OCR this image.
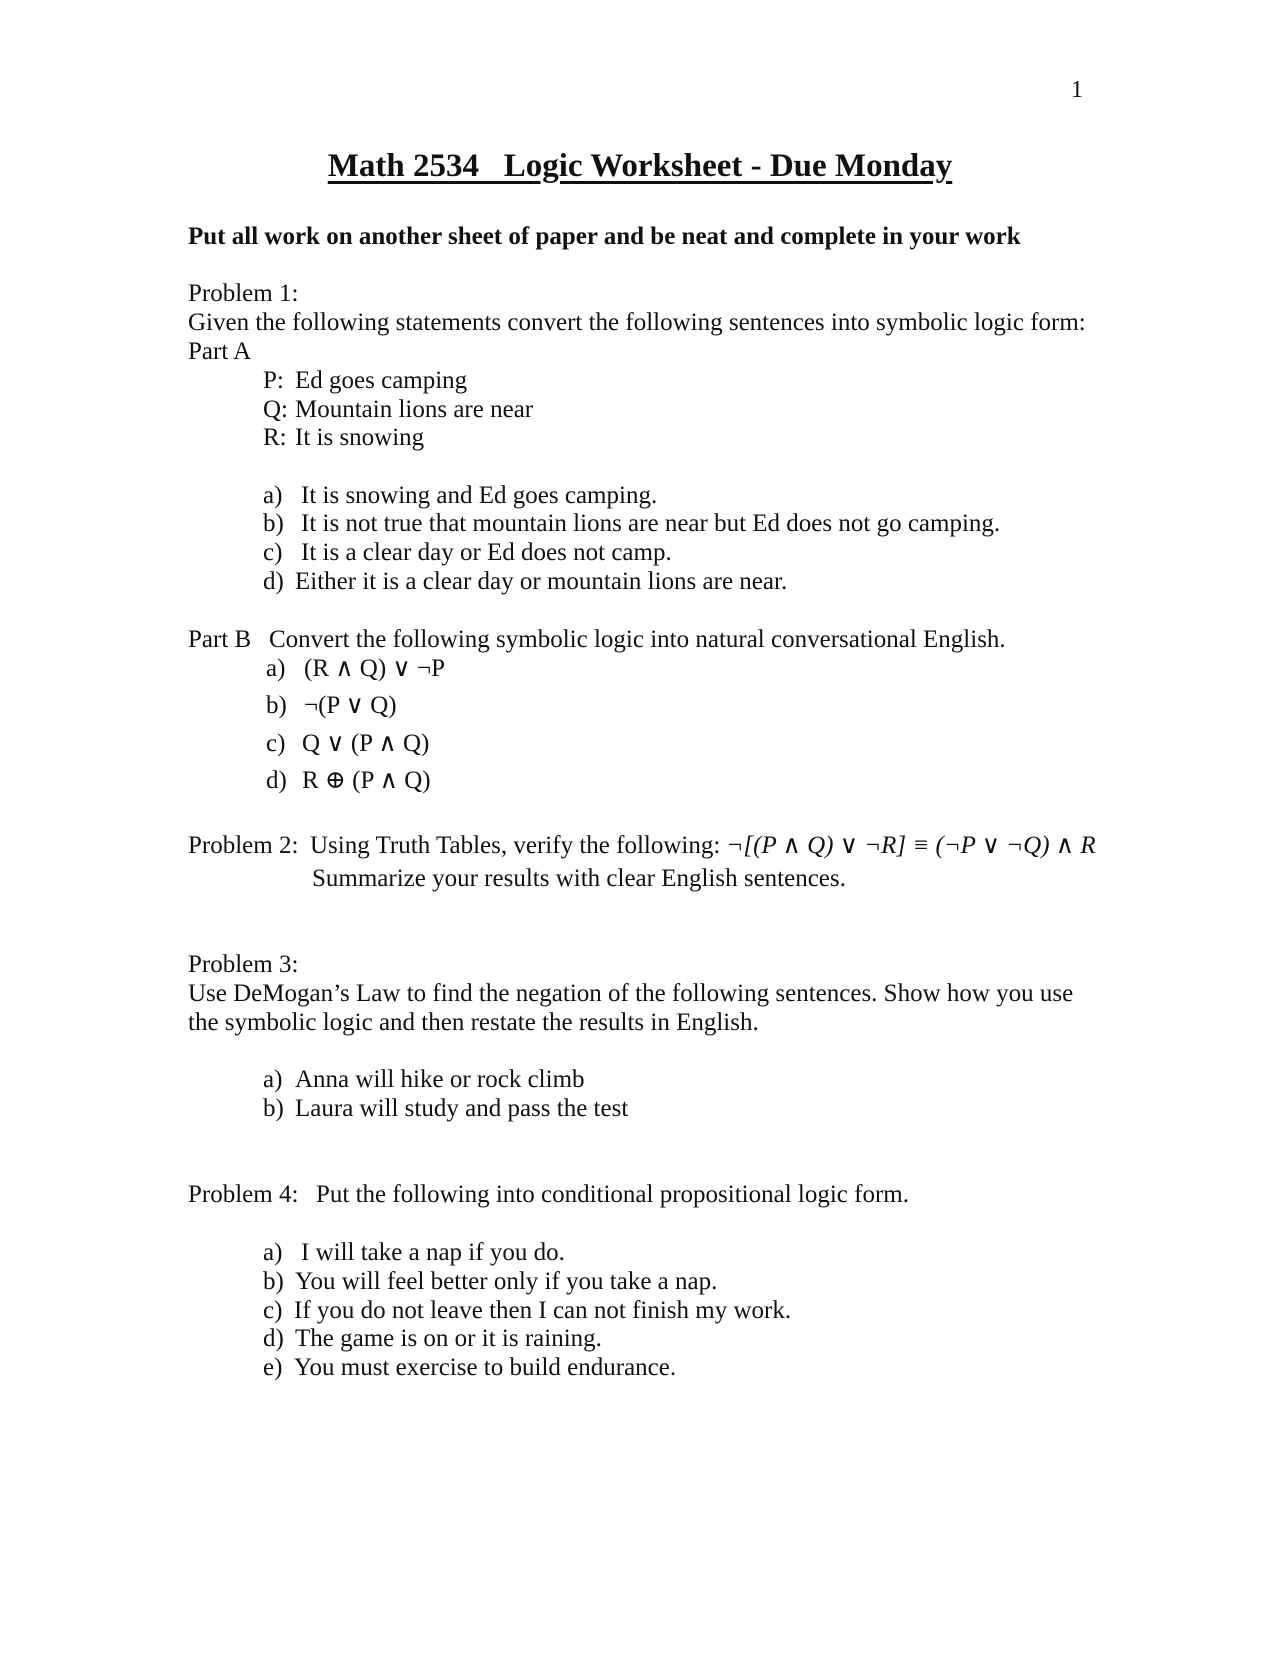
1
Math 2534   Logic Worksheet - Due Monday
Put all work on another sheet of paper and be neat and complete in your work
Problem 1:
Given the following statements convert the following sentences into symbolic logic form:
Part A
P: Ed goes camping
Q: Mountain lions are near
R: It is snowing
a) It is snowing and Ed goes camping.
b) It is not true that mountain lions are near but Ed does not go camping.
c) It is a clear day or Ed does not camp.
d) Either it is a clear day or mountain lions are near.
Part B Convert the following symbolic logic into natural conversational English.
a) (R ∧ Q) ∨ ¬P
b) ¬(P ∨ Q)
c) Q ∨ (P ∧ Q)
d) R ⊕ (P ∧ Q)
Problem 2: Using Truth Tables, verify the following: ¬[(P ∧ Q) ∨ ¬R] ≡ (¬P ∨ ¬Q) ∧ R
Summarize your results with clear English sentences.
Problem 3:
Use DeMogan’s Law to find the negation of the following sentences. Show how you use
the symbolic logic and then restate the results in English.
a) Anna will hike or rock climb
b) Laura will study and pass the test
Problem 4: Put the following into conditional propositional logic form.
a) I will take a nap if you do.
b) You will feel better only if you take a nap.
c) If you do not leave then I can not finish my work.
d) The game is on or it is raining.
e) You must exercise to build endurance.
